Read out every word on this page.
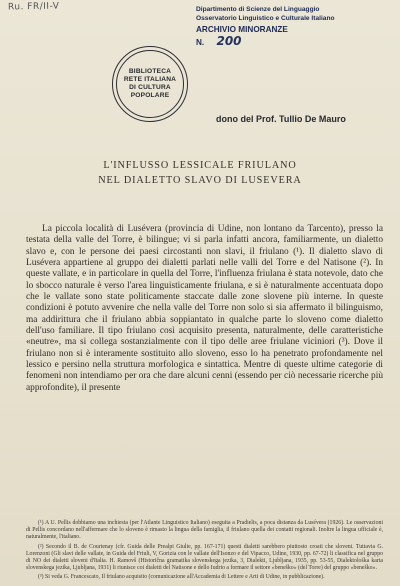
Ru. FR/II-V	Dipartimento di Scienze del Linguaggio
Osservatorio Linguistico e Culturale Italiano
ARCHIVIO MINORANZE
N. 200
BIBLIOTECA
RETE ITALIANA
DI CULTURA
POPOLARE
dono del Prof. Tullio De Mauro
L'INFLUSSO LESSICALE FRIULANO
NEL DIALETTO SLAVO DI LUSEVERA
La piccola località di Lusévera (provincia di Udine, non lontano da Tarcento), presso la testata della valle del Torre, è bilingue; vi si parla infatti ancora, familiarmente, un dialetto slavo e, con le persone dei paesi circostanti non slavi, il friulano (¹). Il dialetto slavo di Lusévera appartiene al gruppo dei dialetti parlati nelle valli del Torre e del Natisone (²). In queste vallate, e in particolare in quella del Torre, l'influenza friulana è stata notevole, dato che lo sbocco naturale è verso l'area linguisticamente friulana, e si è naturalmente accentuata dopo che le vallate sono state politicamente staccate dalle zone slovene più interne. In queste condizioni è potuto avvenire che nella valle del Torre non solo si sia affermato il bilinguismo, ma addirittura che il friulano abbia soppiantato in qualche parte lo sloveno come dialetto dell'uso familiare. Il tipo friulano così acquisito presenta, naturalmente, delle caratteristiche «neutre», ma si collega sostanzialmente con il tipo delle aree friulane viciniori (³). Dove il friulano non si è interamente sostituito allo sloveno, esso lo ha penetrato profondamente nel lessico e persino nella struttura morfologica e sintattica. Mentre di queste ultime categorie di fenomeni non intendiamo per ora che dare alcuni cenni (essendo per ciò necessarie ricerche più approfondite), il presente

(¹) A U. Pellis dobbiamo una inchiesta (per l'Atlante Linguistico Italiano) eseguita a Pradielis, a poca distanza da Lusévera (1926). Le osservazioni di Pellis concordano nell'affermare che lo sloveno è rimasto la lingua della famiglia, il friulano quella dei contatti regionali. Inoltre la lingua ufficiale è, naturalmente, l'italiano.

(²) Secondo il B. de Courtenay (cfr. Guida delle Prealpi Giulie, pp. 167-171) questi dialetti sarebbero piuttosto croati che sloveni. Tuttavia G. Lorenzoni (Gli slavi delle vallate, in Guida del Friuli, V, Gorizia con le vallate dell'Isonzo e del Vipacco, Udine, 1930, pp. 67-72) li classifica nel gruppo di NO dei dialetti sloveni d'Italia. H. Ramovš (Historična gramatika slovenskega jezika, 3, Dialekti, Ljubljana, 1935, pp. 53-55, Dialektološka karta slovenskega jezika, Ljubljana, 1931) li riunisce coi dialetti del Natisone e dello Iudrio a formare il settore «beneško» (del Torre) del gruppo «beneško».

(³) Si veda G. Francescato, Il friulano acquisito (comunicazione all'Accademia di Lettere e Arti di Udine, in pubblicazione).
